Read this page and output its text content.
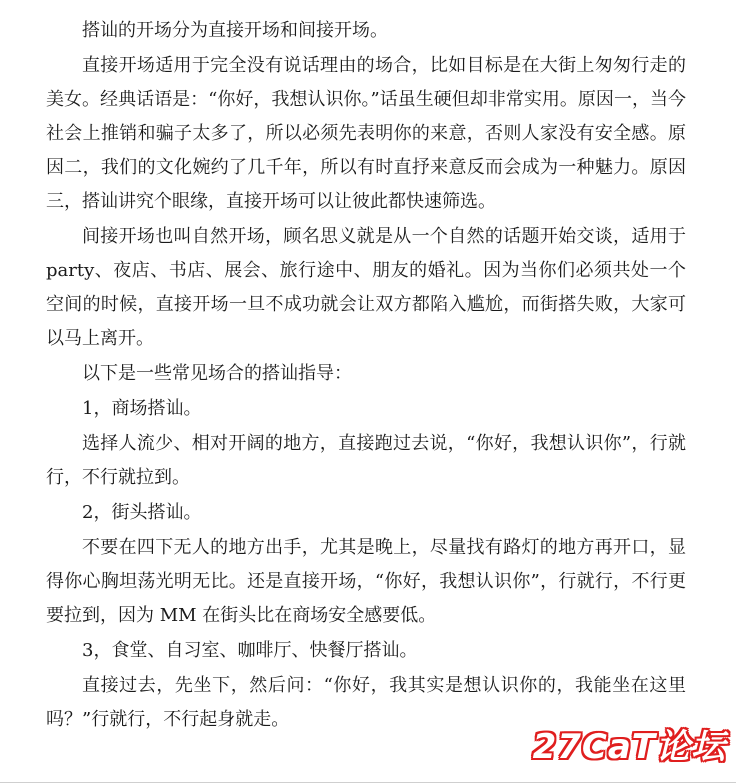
搭讪的开场分为直接开场和间接开场。

直接开场适用于完全没有说话理由的场合，比如目标是在大街上匆匆行走的美女。经典话语是：“你好，我想认识你。”话虽生硬但却非常实用。原因一，当今社会上推销和骗子太多了，所以必须先表明你的来意，否则人家没有安全感。原因二，我们的文化婉约了几千年，所以有时直抒来意反而会成为一种魅力。原因三，搭讪讲究个眼缘，直接开场可以让彼此都快速筛选。

间接开场也叫自然开场，顾名思义就是从一个自然的话题开始交谈，适用于 party、夜店、书店、展会、旅行途中、朋友的婚礼。因为当你们必须共处一个空间的时候，直接开场一旦不成功就会让双方都陷入尴尬，而街搭失败，大家可以马上离开。

以下是一些常见场合的搭讪指导：

1，商场搭讪。

选择人流少、相对开阔的地方，直接跑过去说，“你好，我想认识你”，行就行，不行就拉到。

2，街头搭讪。

不要在四下无人的地方出手，尤其是晚上，尽量找有路灯的地方再开口，显得你心胸坦荡光明无比。还是直接开场，“你好，我想认识你”，行就行，不行更要拉到，因为 MM 在街头比在商场安全感要低。

3，食堂、自习室、咖啡厅、快餐厅搭讪。

直接过去，先坐下，然后问：“你好，我其实是想认识你的，我能坐在这里吗？”行就行，不行起身就走。

27CaT论坛
